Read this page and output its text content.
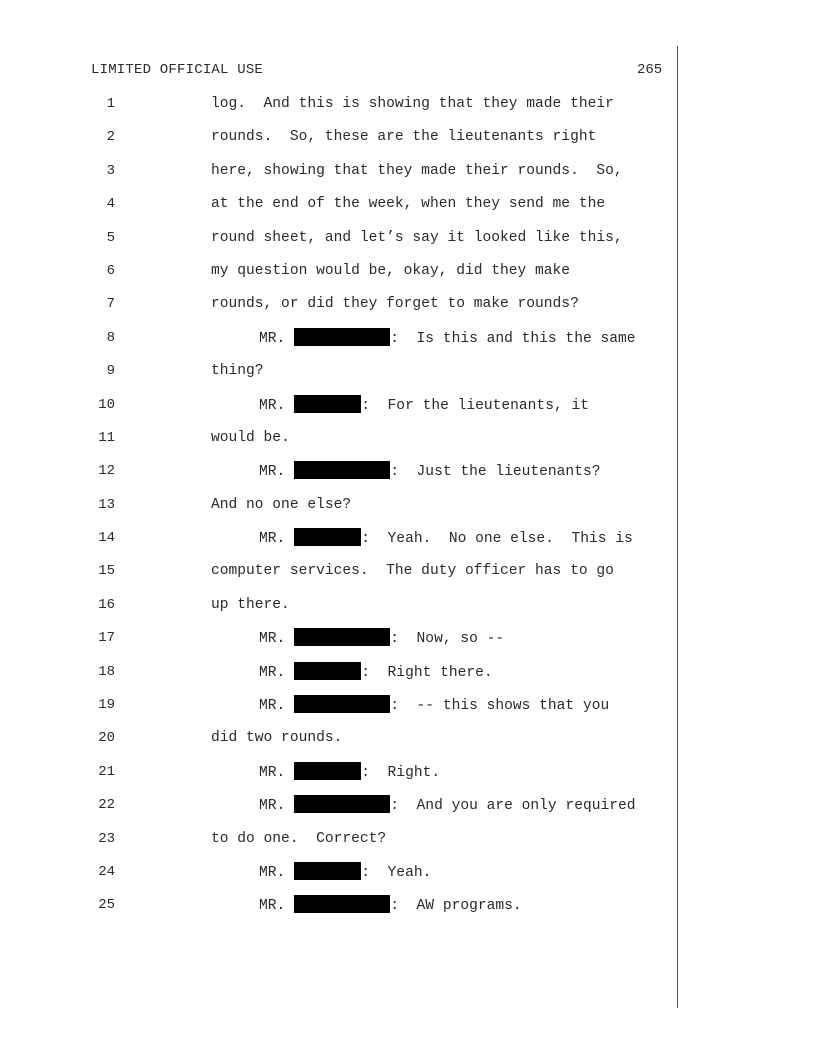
LIMITED OFFICIAL USE	265
1	log.  And this is showing that they made their
2	rounds.  So, these are the lieutenants right
3	here, showing that they made their rounds.  So,
4	at the end of the week, when they send me the
5	round sheet, and let’s say it looked like this,
6	my question would be, okay, did they make
7	rounds, or did they forget to make rounds?
8	MR.	:  Is this and this the same
9	thing?
10	MR.	:  For the lieutenants, it
11	would be.
12	MR.	:  Just the lieutenants?
13	And no one else?
14	MR.	:  Yeah.  No one else.  This is
15	computer services.  The duty officer has to go
16	up there.
17	MR.	:  Now, so --
18	MR.	:  Right there.
19	MR.	:  -- this shows that you
20	did two rounds.
21	MR.	:  Right.
22	MR.	:  And you are only required
23	to do one.  Correct?
24	MR.	:  Yeah.
25	MR.	:  AW programs.
